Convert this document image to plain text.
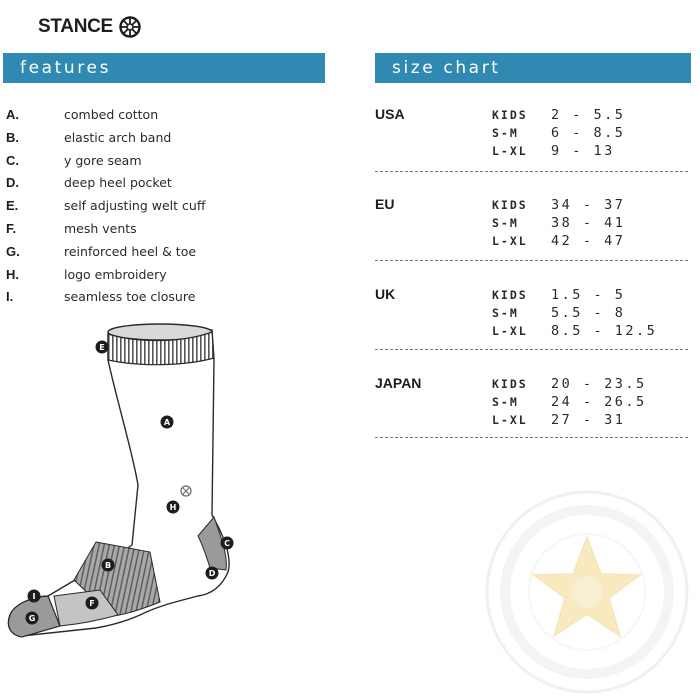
STANCE
features	size chart
A.	combed cotton
B.	elastic arch band
C.	y gore seam
D.	deep heel pocket
E.	self adjusting welt cuff
F.	mesh vents
G.	reinforced heel & toe
H.	logo embroidery
I.	seamless toe closure
USA	KIDS 2 - 5.5
S-M 6 - 8.5
L-XL 9 - 13
EU	KIDS 34 - 37
S-M 38 - 41
L-XL 42 - 47
UK	KIDS 1.5 - 5
S-M 5.5 - 8
L-XL 8.5 - 12.5
JAPAN	KIDS 20 - 23.5
S-M 24 - 26.5
L-XL 27 - 31
E
A
H
B
C
D
I
F
G
